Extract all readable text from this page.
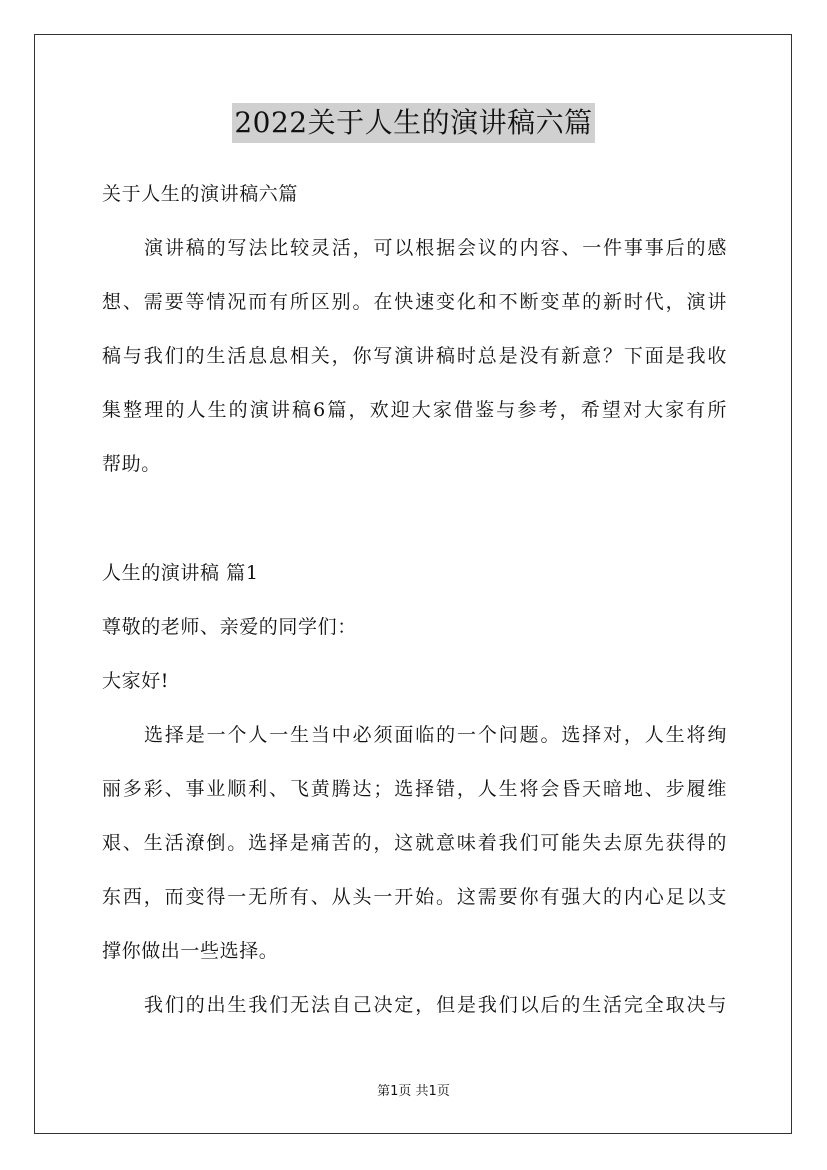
2022关于人生的演讲稿六篇
关于人生的演讲稿六篇
演讲稿的写法比较灵活，可以根据会议的内容、一件事事后的感
想、需要等情况而有所区别。在快速变化和不断变革的新时代，演讲
稿与我们的生活息息相关，你写演讲稿时总是没有新意？下面是我收
集整理的人生的演讲稿6篇，欢迎大家借鉴与参考，希望对大家有所
帮助。
人生的演讲稿 篇1
尊敬的老师、亲爱的同学们：
大家好!
选择是一个人一生当中必须面临的一个问题。选择对，人生将绚
丽多彩、事业顺利、飞黄腾达；选择错，人生将会昏天暗地、步履维
艰、生活潦倒。选择是痛苦的，这就意味着我们可能失去原先获得的
东西，而变得一无所有、从头一开始。这需要你有强大的内心足以支
撑你做出一些选择。
我们的出生我们无法自己决定，但是我们以后的生活完全取决与
第1页 共1页
